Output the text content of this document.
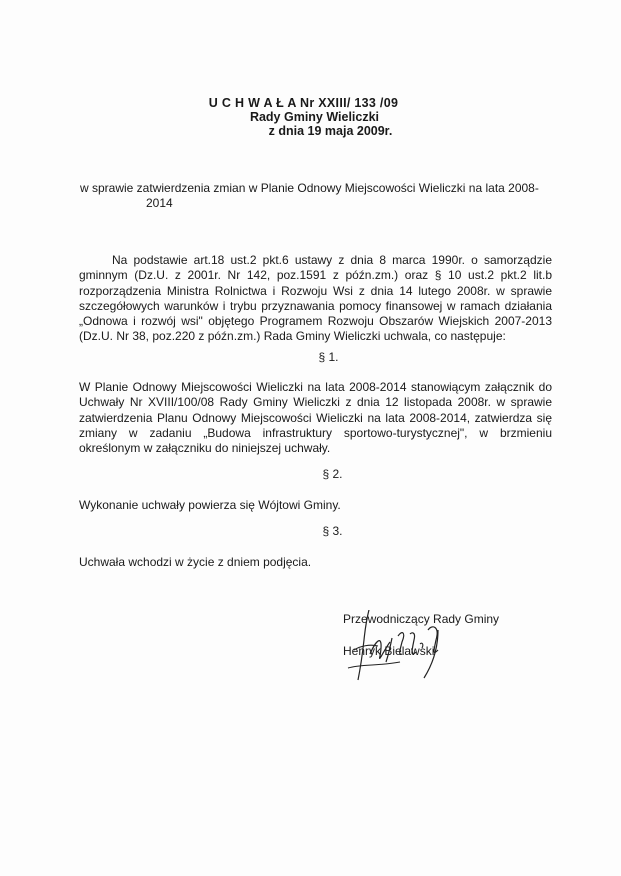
U C H W A Ł A Nr XXIII/ 133 /09
Rady Gminy Wieliczki
z dnia 19 maja 2009r.
w sprawie zatwierdzenia zmian w Planie Odnowy Miejscowości Wieliczki na lata 2008-
2014
Na podstawie art.18 ust.2 pkt.6 ustawy z dnia 8 marca 1990r. o samorządzie gminnym (Dz.U. z 2001r. Nr 142, poz.1591 z późn.zm.) oraz § 10 ust.2 pkt.2 lit.b rozporządzenia Ministra Rolnictwa i Rozwoju Wsi z dnia 14 lutego 2008r. w sprawie szczegółowych warunków i trybu przyznawania pomocy finansowej w ramach działania „Odnowa i rozwój wsi" objętego Programem Rozwoju Obszarów Wiejskich 2007-2013 (Dz.U. Nr 38, poz.220 z późn.zm.) Rada Gminy Wieliczki uchwala, co następuje:
§ 1.
W Planie Odnowy Miejscowości Wieliczki na lata 2008-2014 stanowiącym załącznik do Uchwały Nr XVIII/100/08 Rady Gminy Wieliczki z dnia 12 listopada 2008r. w sprawie zatwierdzenia Planu Odnowy Miejscowości Wieliczki na lata 2008-2014, zatwierdza się zmiany w zadaniu „Budowa infrastruktury sportowo-turystycznej", w brzmieniu określonym w załączniku do niniejszej uchwały.
§ 2.
Wykonanie uchwały powierza się Wójtowi Gminy.
§ 3.
Uchwała wchodzi w życie z dniem podjęcia.
Przewodniczący Rady Gminy
Henryk Bielawski
